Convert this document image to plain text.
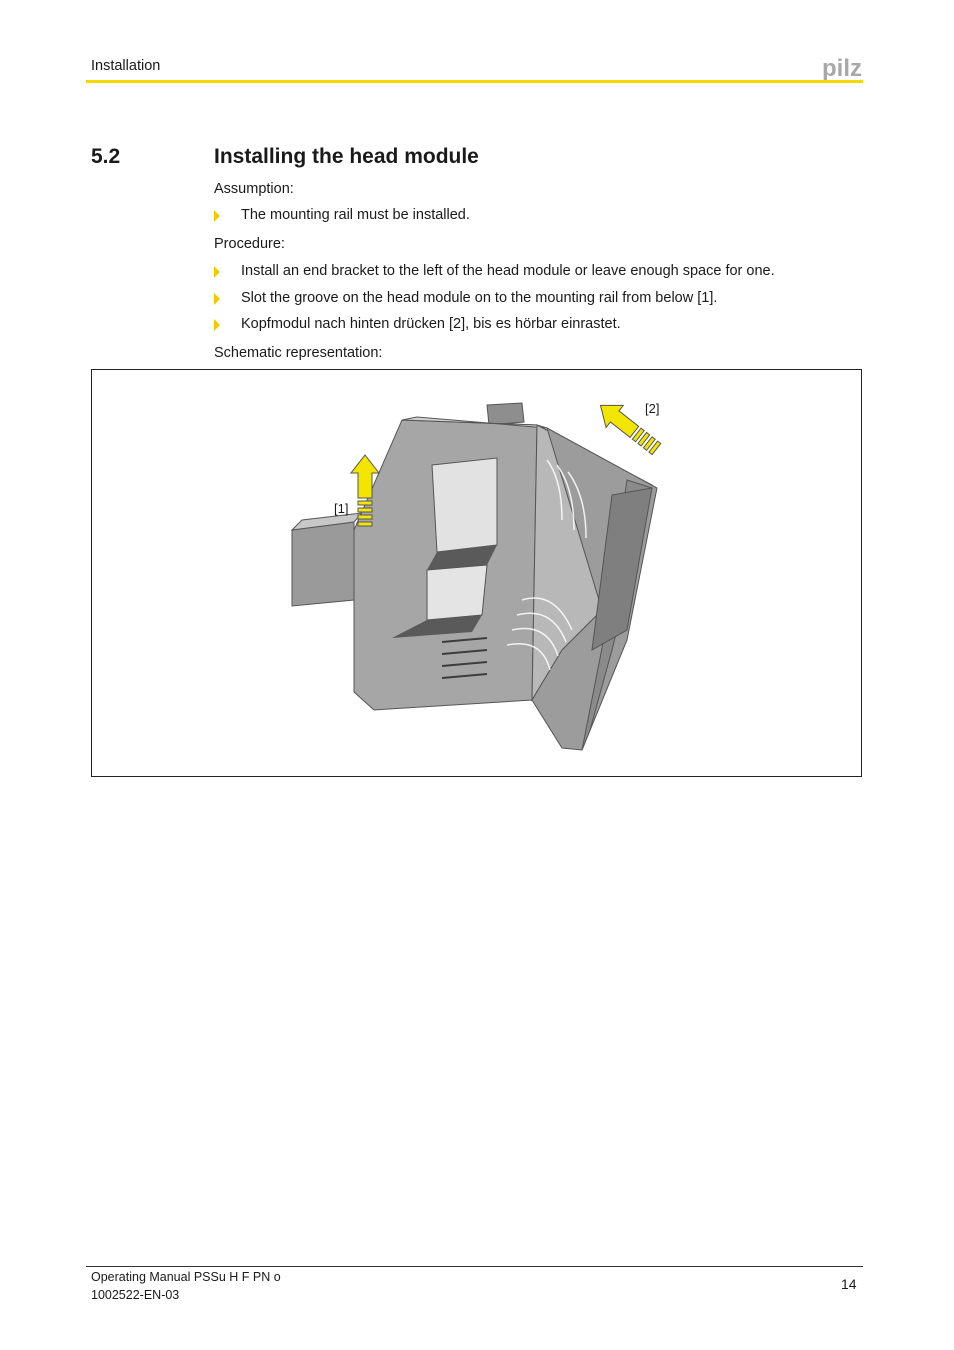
Installation	pilz
5.2	Installing the head module
Assumption:
The mounting rail must be installed.
Procedure:
Install an end bracket to the left of the head module or leave enough space for one.
Slot the groove on the head module on to the mounting rail from below [1].
Kopfmodul nach hinten drücken [2], bis es hörbar einrastet.
Schematic representation:
[1]
[2]
Operating Manual PSSu H F PN o
1002522-EN-03
14
